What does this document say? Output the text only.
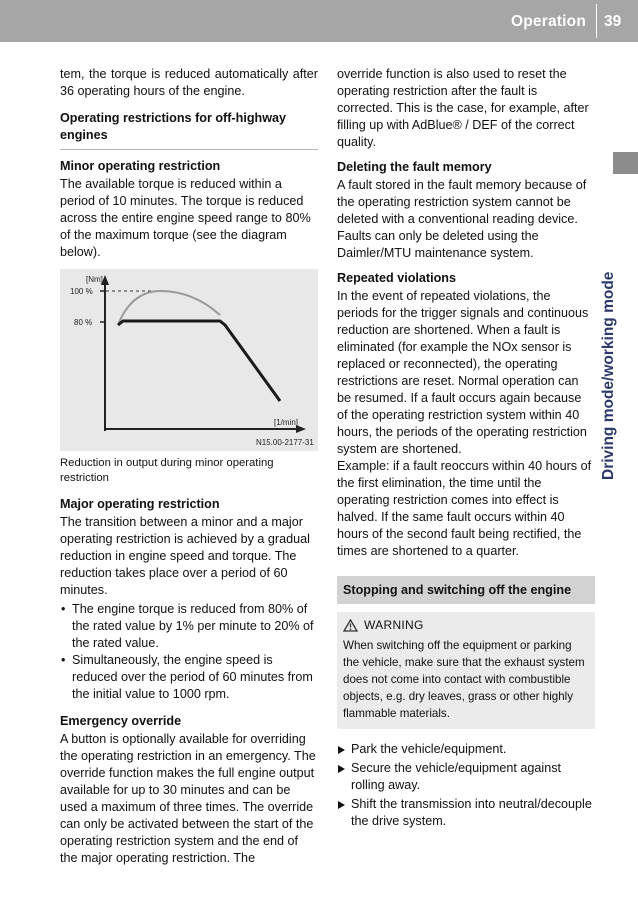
Operation 39
Driving mode/working mode

tem, the torque is reduced automatically after 36 operating hours of the engine.

Operating restrictions for off-highway engines

Minor operating restriction

The available torque is reduced within a period of 10 minutes. The torque is reduced across the entire engine speed range to 80% of the maximum torque (see the diagram below).

[Nm]
100 %
80 %
[1/min]
N15.00-2177-31

Reduction in output during minor operating restriction

Major operating restriction

The transition between a minor and a major operating restriction is achieved by a gradual reduction in engine speed and torque. The reduction takes place over a period of 60 minutes.

• The engine torque is reduced from 80% of the rated value by 1% per minute to 20% of the rated value.
• Simultaneously, the engine speed is reduced over the period of 60 minutes from the initial value to 1000 rpm.

Emergency override

A button is optionally available for overriding the operating restriction in an emergency. The override function makes the full engine output available for up to 30 minutes and can be used a maximum of three times. The override can only be activated between the start of the operating restriction system and the end of the major operating restriction. The

override function is also used to reset the operating restriction after the fault is corrected. This is the case, for example, after filling up with AdBlue® / DEF of the correct quality.

Deleting the fault memory

A fault stored in the fault memory because of the operating restriction system cannot be deleted with a conventional reading device. Faults can only be deleted using the Daimler/MTU maintenance system.

Repeated violations

In the event of repeated violations, the periods for the trigger signals and continuous reduction are shortened. When a fault is eliminated (for example the NOx sensor is replaced or reconnected), the operating restrictions are reset. Normal operation can be resumed. If a fault occurs again because of the operating restriction system within 40 hours, the periods of the operating restriction system are shortened.

Example: if a fault reoccurs within 40 hours of the first elimination, the time until the operating restriction comes into effect is halved. If the same fault occurs within 40 hours of the second fault being rectified, the times are shortened to a quarter.

Stopping and switching off the engine
WARNING

When switching off the equipment or parking the vehicle, make sure that the exhaust system does not come into contact with combustible objects, e.g. dry leaves, grass or other highly flammable materials.

Park the vehicle/equipment.
Secure the vehicle/equipment against rolling away.
Shift the transmission into neutral/decouple the drive system.
